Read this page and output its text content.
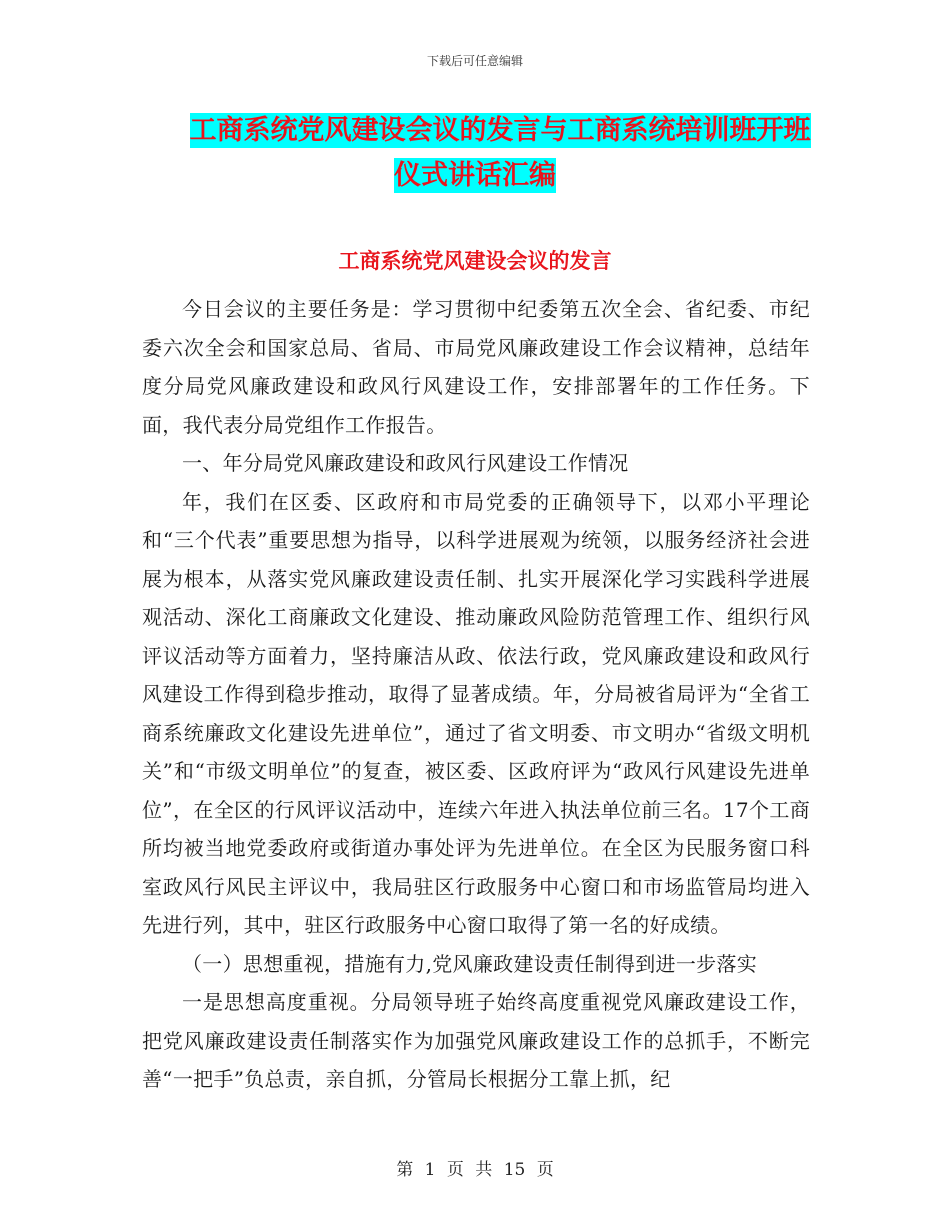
下载后可任意编辑
工商系统党风建设会议的发言与工商系统培训班开班
仪式讲话汇编
工商系统党风建设会议的发言

今日会议的主要任务是：学习贯彻中纪委第五次全会、省纪委、市纪委六次全会和国家总局、省局、市局党风廉政建设工作会议精神，总结年度分局党风廉政建设和政风行风建设工作，安排部署年的工作任务。下面，我代表分局党组作工作报告。

一、年分局党风廉政建设和政风行风建设工作情况

年，我们在区委、区政府和市局党委的正确领导下，以邓小平理论和“三个代表”重要思想为指导，以科学进展观为统领，以服务经济社会进展为根本，从落实党风廉政建设责任制、扎实开展深化学习实践科学进展观活动、深化工商廉政文化建设、推动廉政风险防范管理工作、组织行风评议活动等方面着力，坚持廉洁从政、依法行政，党风廉政建设和政风行风建设工作得到稳步推动，取得了显著成绩。年，分局被省局评为“全省工商系统廉政文化建设先进单位”，通过了省文明委、市文明办“省级文明机关”和“市级文明单位”的复查，被区委、区政府评为“政风行风建设先进单位”，在全区的行风评议活动中，连续六年进入执法单位前三名。17个工商所均被当地党委政府或街道办事处评为先进单位。在全区为民服务窗口科室政风行风民主评议中，我局驻区行政服务中心窗口和市场监管局均进入先进行列，其中，驻区行政服务中心窗口取得了第一名的好成绩。

（一）思想重视，措施有力,党风廉政建设责任制得到进一步落实

一是思想高度重视。分局领导班子始终高度重视党风廉政建设工作，把党风廉政建设责任制落实作为加强党风廉政建设工作的总抓手，不断完善“一把手”负总责，亲自抓，分管局长根据分工靠上抓，纪

第 1 页 共 15 页
